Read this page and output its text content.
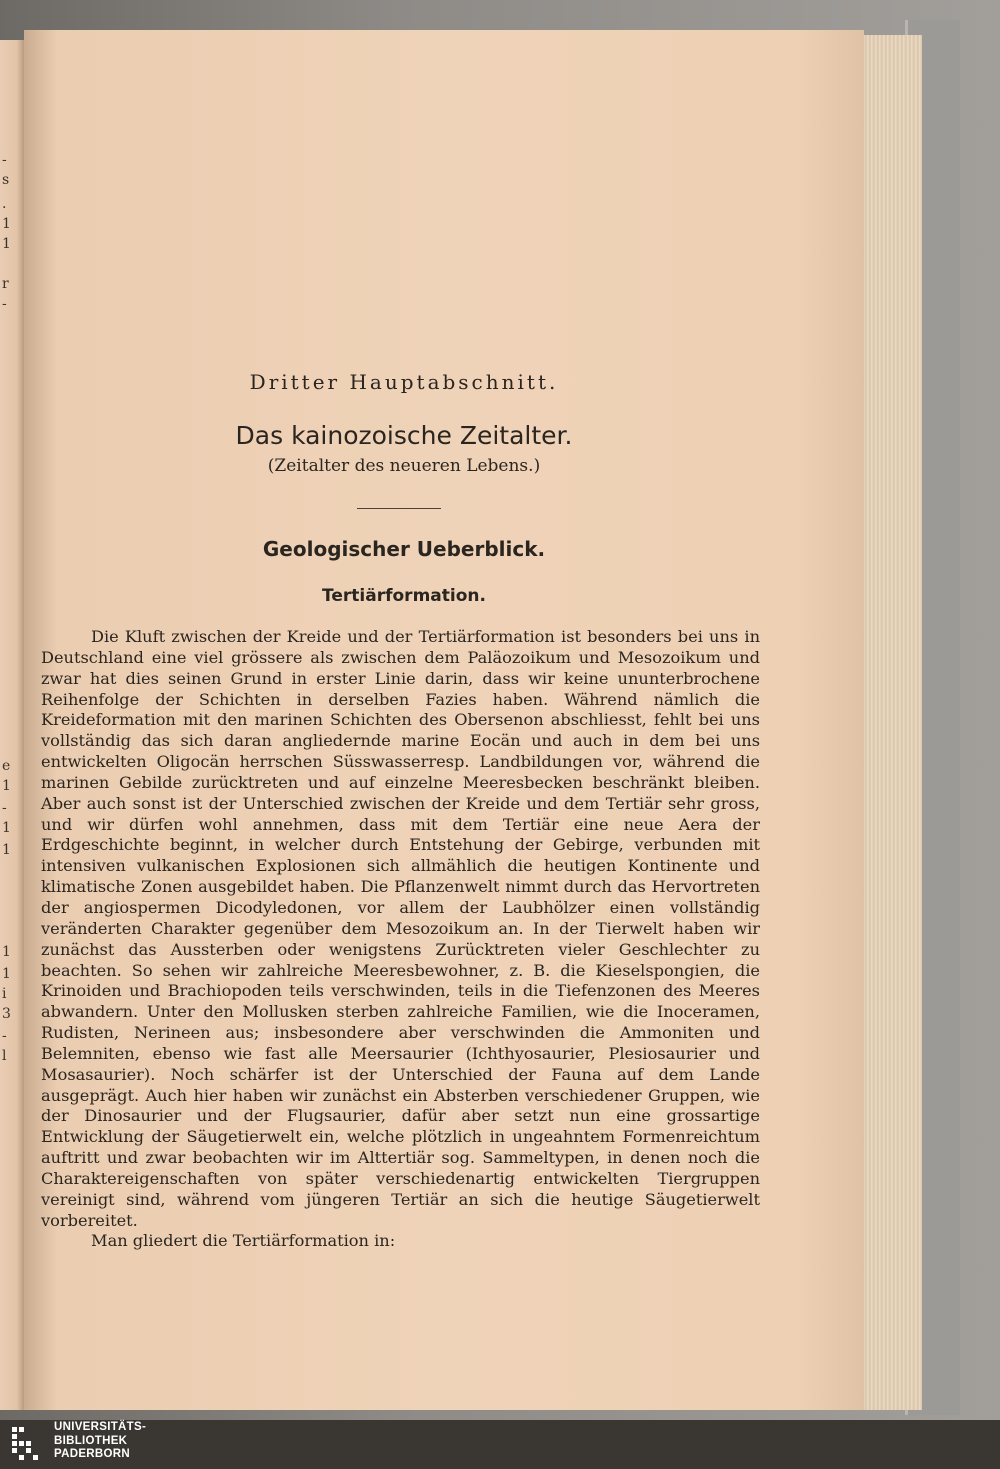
-
s
.
1
1
r
-
e
1
-
1
1
1
1
i
3
-
l
Dritter Hauptabschnitt.
Das kainozoische Zeitalter.
(Zeitalter des neueren Lebens.)
Geologischer Ueberblick.
Tertiärformation.

Die Kluft zwischen der Kreide und der Tertiärformation ist besonders bei uns in Deutschland eine viel grössere als zwischen dem Paläozoikum und Mesozoikum und zwar hat dies seinen Grund in erster Linie darin, dass wir keine ununterbrochene Reihenfolge der Schichten in derselben Fazies haben. Während nämlich die Kreideformation mit den marinen Schichten des Obersenon abschliesst, fehlt bei uns vollständig das sich daran angliedernde marine Eocän und auch in dem bei uns entwickelten Oligocän herrschen Süsswasserresp. Landbildungen vor, während die marinen Gebilde zurücktreten und auf einzelne Meeresbecken beschränkt bleiben. Aber auch sonst ist der Unterschied zwischen der Kreide und dem Tertiär sehr gross, und wir dürfen wohl annehmen, dass mit dem Tertiär eine neue Aera der Erdgeschichte beginnt, in welcher durch Entstehung der Gebirge, verbunden mit intensiven vulkanischen Explosionen sich allmählich die heutigen Kontinente und klimatische Zonen ausgebildet haben. Die Pflanzenwelt nimmt durch das Hervortreten der angiospermen Dicodyledonen, vor allem der Laubhölzer einen vollständig veränderten Charakter gegenüber dem Mesozoikum an. In der Tierwelt haben wir zunächst das Aussterben oder wenigstens Zurücktreten vieler Geschlechter zu beachten. So sehen wir zahlreiche Meeresbewohner, z. B. die Kieselspongien, die Krinoiden und Brachiopoden teils verschwinden, teils in die Tiefenzonen des Meeres abwandern. Unter den Mollusken sterben zahlreiche Familien, wie die Inoceramen, Rudisten, Nerineen aus; insbesondere aber verschwinden die Ammoniten und Belemniten, ebenso wie fast alle Meersaurier (Ichthyosaurier, Plesiosaurier und Mosasaurier). Noch schärfer ist der Unterschied der Fauna auf dem Lande ausgeprägt. Auch hier haben wir zunächst ein Absterben verschiedener Gruppen, wie der Dinosaurier und der Flugsaurier, dafür aber setzt nun eine grossartige Entwicklung der Säugetierwelt ein, welche plötzlich in ungeahntem Formenreichtum auftritt und zwar beobachten wir im Alttertiär sog. Sammeltypen, in denen noch die Charaktereigenschaften von später verschiedenartig entwickelten Tiergruppen vereinigt sind, während vom jüngeren Tertiär an sich die heutige Säugetierwelt vorbereitet.

Man gliedert die Tertiärformation in:

UNIVERSITÄTS-
BIBLIOTHEK
PADERBORN
